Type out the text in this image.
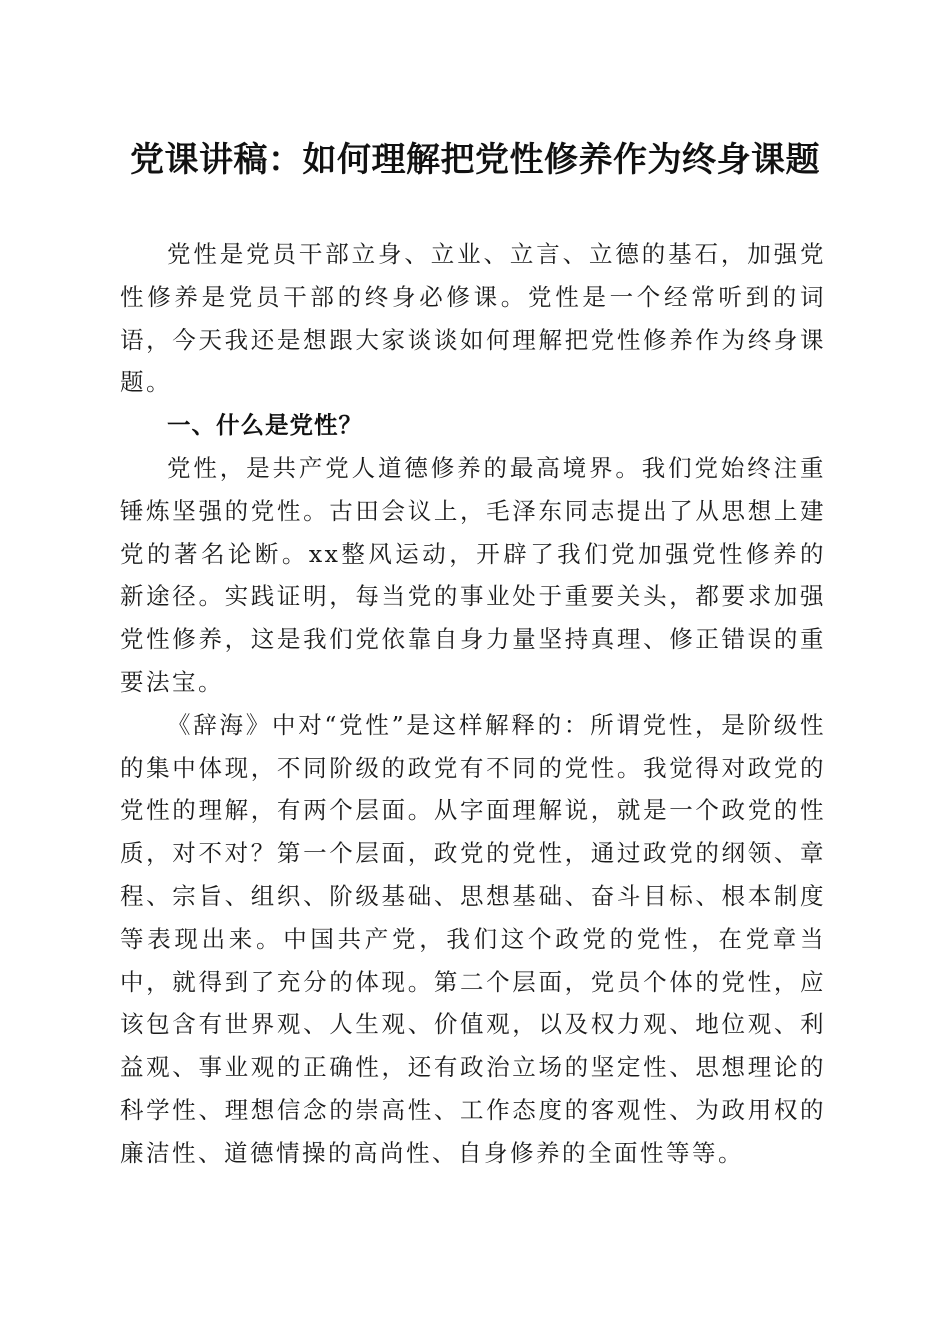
党课讲稿：如何理解把党性修养作为终身课题

党性是党员干部立身、立业、立言、立德的基石，加强党性修养是党员干部的终身必修课。党性是一个经常听到的词语，今天我还是想跟大家谈谈如何理解把党性修养作为终身课题。

一、什么是党性？

党性，是共产党人道德修养的最高境界。我们党始终注重锤炼坚强的党性。古田会议上，毛泽东同志提出了从思想上建党的著名论断。xx整风运动，开辟了我们党加强党性修养的新途径。实践证明，每当党的事业处于重要关头，都要求加强党性修养，这是我们党依靠自身力量坚持真理、修正错误的重要法宝。

《辞海》中对“党性”是这样解释的：所谓党性，是阶级性的集中体现，不同阶级的政党有不同的党性。我觉得对政党的党性的理解，有两个层面。从字面理解说，就是一个政党的性质，对不对？第一个层面，政党的党性，通过政党的纲领、章程、宗旨、组织、阶级基础、思想基础、奋斗目标、根本制度等表现出来。中国共产党，我们这个政党的党性，在党章当中，就得到了充分的体现。第二个层面，党员个体的党性，应该包含有世界观、人生观、价值观，以及权力观、地位观、利益观、事业观的正确性，还有政治立场的坚定性、思想理论的科学性、理想信念的崇高性、工作态度的客观性、为政用权的廉洁性、道德情操的高尚性、自身修养的全面性等等。
